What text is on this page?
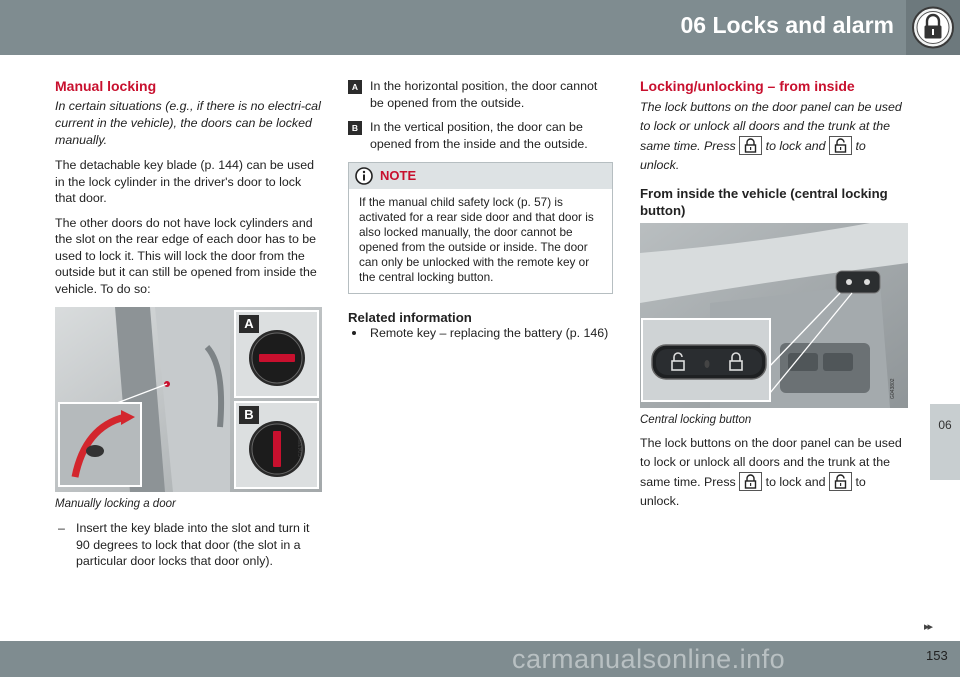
06 Locks and alarm
06
▸▸
carmanualsonline.info	153
Manual locking
In certain situations (e.g., if there is no electri-cal current in the vehicle), the doors can be locked manually.
The detachable key blade (p. 144) can be used in the lock cylinder in the driver's door to lock that door.
The other doors do not have lock cylinders and the slot on the rear edge of each door has to be used to lock it. This will lock the door from the outside but it can still be opened from inside the vehicle. To do so:
A
B
G043881
Manually locking a door
– Insert the key blade into the slot and turn it 90 degrees to lock that door (the slot in a particular door locks that door only).
A In the horizontal position, the door cannot be opened from the outside.
B In the vertical position, the door can be opened from the inside and the outside.
NOTE
If the manual child safety lock (p. 57) is activated for a rear side door and that door is also locked manually, the door cannot be opened from the outside or inside. The door can only be unlocked with the remote key or the central locking button.
Related information
Remote key – replacing the battery (p. 146)
Locking/unlocking – from inside
The lock buttons on the door panel can be used to lock or unlock all doors and the trunk at the same time. Press to lock and to unlock.
From inside the vehicle (central locking button)
G043802
Central locking button
The lock buttons on the door panel can be used to lock or unlock all doors and the trunk at the same time. Press to lock and to unlock.
